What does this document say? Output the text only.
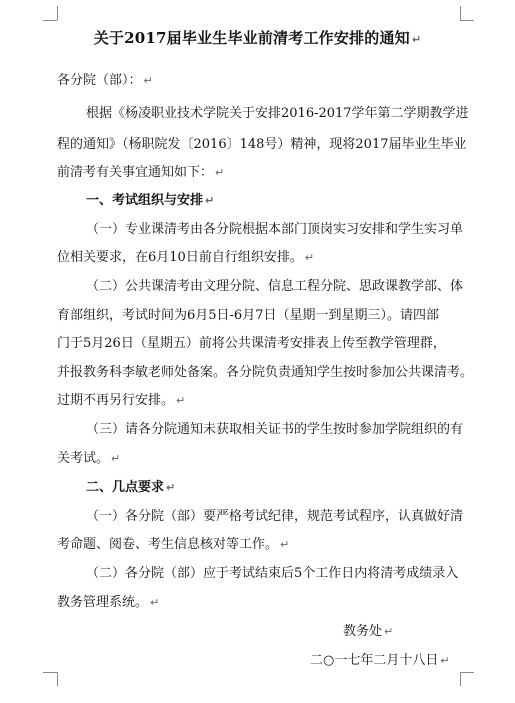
关于2017届毕业生毕业前清考工作安排的通知 ↵
各分院（部）： ↵
根据《杨凌职业技术学院关于安排2016-2017学年第二学期教学进
程的通知》（杨职院发〔2016〕148号）精神，现将2017届毕业生毕业
前清考有关事宜通知如下： ↵
一、考试组织与安排 ↵
（一）专业课清考由各分院根据本部门顶岗实习安排和学生实习单
位相关要求，在6月10日前自行组织安排。 ↵
（二）公共课清考由文理分院、信息工程分院、思政课教学部、体
育部组织，考试时间为6月5日-6月7日（星期一到星期三）。请四部
门于5月26日（星期五）前将公共课清考安排表上传至教学管理群，
并报教务科李敏老师处备案。各分院负责通知学生按时参加公共课清考。
过期不再另行安排。 ↵
（三）请各分院通知未获取相关证书的学生按时参加学院组织的有
关考试。 ↵
二、几点要求 ↵
（一）各分院（部）要严格考试纪律，规范考试程序，认真做好清
考命题、阅卷、考生信息核对等工作。 ↵
（二）各分院（部）应于考试结束后5个工作日内将清考成绩录入
教务管理系统。 ↵
教务处 ↵
二○一七年二月十八日 ↵
